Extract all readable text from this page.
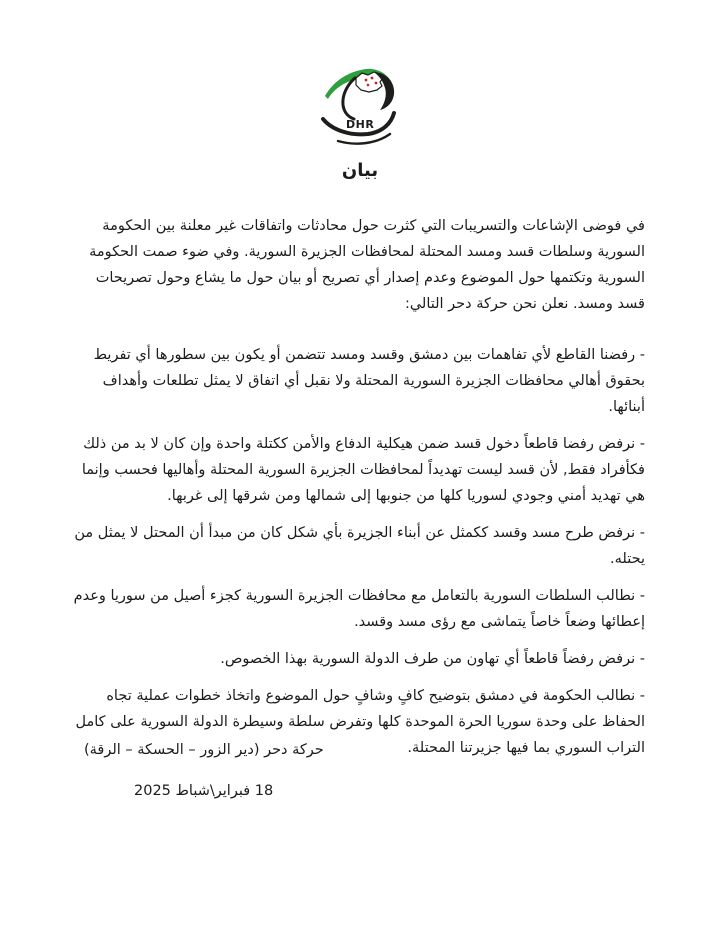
DHR
بيان

في فوضى الإشاعات والتسريبات التي كثرت حول محادثات واتفاقات غير معلنة بين الحكومة السورية وسلطات قسد ومسد المحتلة لمحافظات الجزيرة السورية. وفي ضوء صمت الحكومة السورية وتكتمها حول الموضوع وعدم إصدار أي تصريح أو بيان حول ما يشاع وحول تصريحات قسد ومسد. نعلن نحن حركة دحر التالي:

- رفضنا القاطع لأي تفاهمات بين دمشق وقسد ومسد تتضمن أو يكون بين سطورها أي تفريط بحقوق أهالي محافظات الجزيرة السورية المحتلة ولا نقبل أي اتفاق لا يمثل تطلعات وأهداف أبنائها.

- نرفض رفضا قاطعاً دخول قسد ضمن هيكلية الدفاع والأمن ككتلة واحدة وإن كان لا بد من ذلك فكأفراد فقط, لأن قسد ليست تهديداً لمحافظات الجزيرة السورية المحتلة وأهاليها فحسب وإنما هي تهديد أمني وجودي لسوريا كلها من جنوبها إلى شمالها ومن شرقها إلى غربها.

- نرفض طرح مسد وقسد ككمثل عن أبناء الجزيرة بأي شكل كان من مبدأ أن المحتل لا يمثل من يحتله.

- نطالب السلطات السورية بالتعامل مع محافظات الجزيرة السورية كجزء أصيل من سوريا وعدم إعطائها وضعاً خاصاً يتماشى مع رؤى مسد وقسد.

- نرفض رفضاً قاطعاً أي تهاون من طرف الدولة السورية بهذا الخصوص.

- نطالب الحكومة في دمشق بتوضيح كافٍ وشافٍ حول الموضوع واتخاذ خطوات عملية تجاه الحفاظ على وحدة سوريا الحرة الموحدة كلها وتفرض سلطة وسيطرة الدولة السورية على كامل التراب السوري بما فيها جزيرتنا المحتلة.

حركة دحر (دير الزور – الحسكة – الرقة)
18 فبراير\شباط 2025
